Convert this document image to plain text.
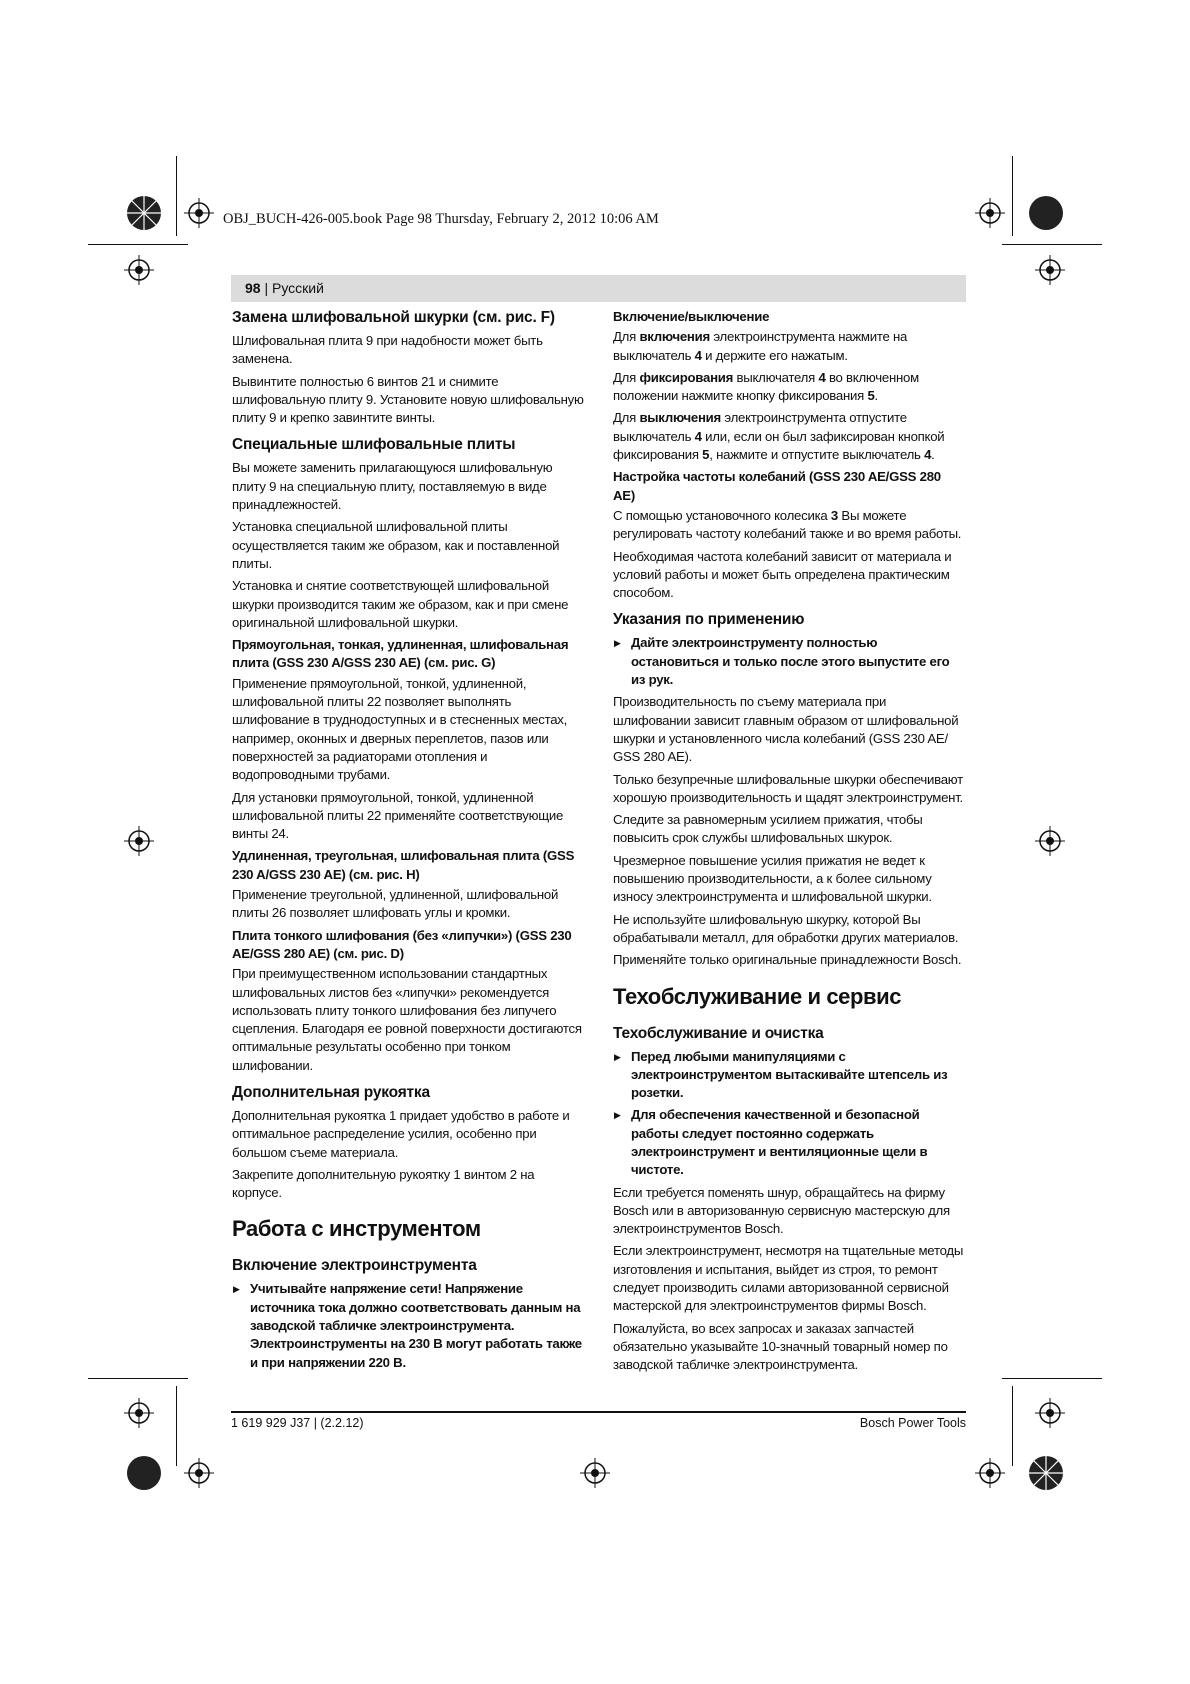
OBJ_BUCH-426-005.book Page 98 Thursday, February 2, 2012 10:06 AM
98 | Русский
Замена шлифовальной шкурки (см. рис. F)

Шлифовальная плита 9 при надобности может быть заменена.

Вывинтите полностью 6 винтов 21 и снимите шлифовальную плиту 9. Установите новую шлифовальную плиту 9 и крепко завинтите винты.

Специальные шлифовальные плиты

Вы можете заменить прилагающуюся шлифовальную плиту 9 на специальную плиту, поставляемую в виде принадлежностей.

Установка специальной шлифовальной плиты осуществляется таким же образом, как и поставленной плиты.

Установка и снятие соответствующей шлифовальной шкурки производится таким же образом, как и при смене оригинальной шлифовальной шкурки.

Прямоугольная, тонкая, удлиненная, шлифовальная плита (GSS 230 A/GSS 230 AE) (см. рис. G)

Применение прямоугольной, тонкой, удлиненной, шлифовальной плиты 22 позволяет выполнять шлифование в труднодоступных и в стесненных местах, например, оконных и дверных переплетов, пазов или поверхностей за радиаторами отопления и водопроводными трубами.

Для установки прямоугольной, тонкой, удлиненной шлифовальной плиты 22 применяйте соответствующие винты 24.

Удлиненная, треугольная, шлифовальная плита (GSS 230 A/GSS 230 AE) (см. рис. H)

Применение треугольной, удлиненной, шлифовальной плиты 26 позволяет шлифовать углы и кромки.

Плита тонкого шлифования (без «липучки») (GSS 230 AE/GSS 280 AE) (см. рис. D)

При преимущественном использовании стандартных шлифовальных листов без «липучки» рекомендуется использовать плиту тонкого шлифования без липучего сцепления. Благодаря ее ровной поверхности достигаются оптимальные результаты особенно при тонком шлифовании.

Дополнительная рукоятка

Дополнительная рукоятка 1 придает удобство в работе и оптимальное распределение усилия, особенно при большом съеме материала.

Закрепите дополнительную рукоятку 1 винтом 2 на корпусе.

Работа с инструментом
Включение электроинструмента
▶ Учитывайте напряжение сети! Напряжение источника тока должно соответствовать данным на заводской табличке электроинструмента. Электроинструменты на 230 В могут работать также и при напряжении 220 В.
Включение/выключение

Для включения электроинструмента нажмите на выключатель 4 и держите его нажатым.

Для фиксирования выключателя 4 во включенном положении нажмите кнопку фиксирования 5.

Для выключения электроинструмента отпустите выключатель 4 или, если он был зафиксирован кнопкой фиксирования 5, нажмите и отпустите выключатель 4.

Настройка частоты колебаний (GSS 230 AE/GSS 280 AE)

С помощью установочного колесика 3 Вы можете регулировать частоту колебаний также и во время работы.

Необходимая частота колебаний зависит от материала и условий работы и может быть определена практическим способом.

Указания по применению
▶ Дайте электроинструменту полностью остановиться и только после этого выпустите его из рук.

Производительность по съему материала при шлифовании зависит главным образом от шлифовальной шкурки и установленного числа колебаний (GSS 230 AE/ GSS 280 AE).

Только безупречные шлифовальные шкурки обеспечивают хорошую производительность и щадят электроинструмент.

Следите за равномерным усилием прижатия, чтобы повысить срок службы шлифовальных шкурок.

Чрезмерное повышение усилия прижатия не ведет к повышению производительности, а к более сильному износу электроинструмента и шлифовальной шкурки.

Не используйте шлифовальную шкурку, которой Вы обрабатывали металл, для обработки других материалов.

Применяйте только оригинальные принадлежности Bosch.

Техобслуживание и сервис
Техобслуживание и очистка
▶ Перед любыми манипуляциями с электроинструментом вытаскивайте штепсель из розетки.
▶ Для обеспечения качественной и безопасной работы следует постоянно содержать электроинструмент и вентиляционные щели в чистоте.

Если требуется поменять шнур, обращайтесь на фирму Bosch или в авторизованную сервисную мастерскую для электроинструментов Bosch.

Если электроинструмент, несмотря на тщательные методы изготовления и испытания, выйдет из строя, то ремонт следует производить силами авторизованной сервисной мастерской для электроинструментов фирмы Bosch.

Пожалуйста, во всех запросах и заказах запчастей обязательно указывайте 10-значный товарный номер по заводской табличке электроинструмента.

1 619 929 J37 | (2.2.12)	Bosch Power Tools
